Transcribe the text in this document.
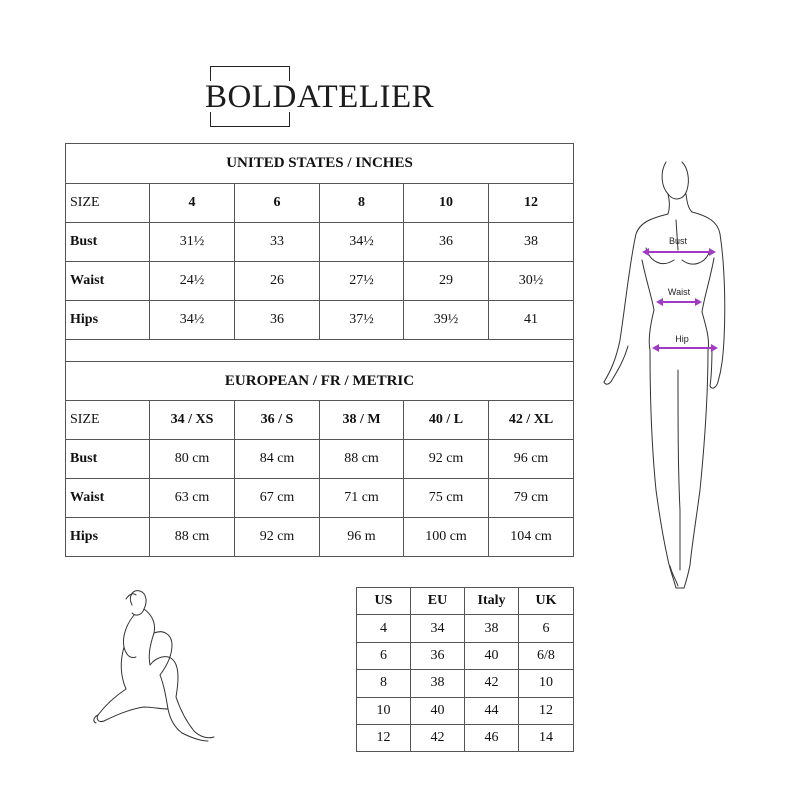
BOLDATELIER
UNITED STATES / INCHES					
SIZE	4	6	8	10	12
Bust	31½	33	34½	36	38
Waist	24½	26	27½	29	30½
Hips	34½	36	37½	39½	41

EUROPEAN / FR / METRIC					
SIZE	34 / XS	36 / S	38 / M	40 / L	42 / XL
Bust	80 cm	84 cm	88 cm	92 cm	96 cm
Waist	63 cm	67 cm	71 cm	75 cm	79 cm
Hips	88 cm	92 cm	96 m	100 cm	104 cm
US	EU	Italy	UK
4	34	38	6
6	36	40	6/8
8	38	42	10
10	40	44	12
12	42	46	14
Bust
Waist
Hip
